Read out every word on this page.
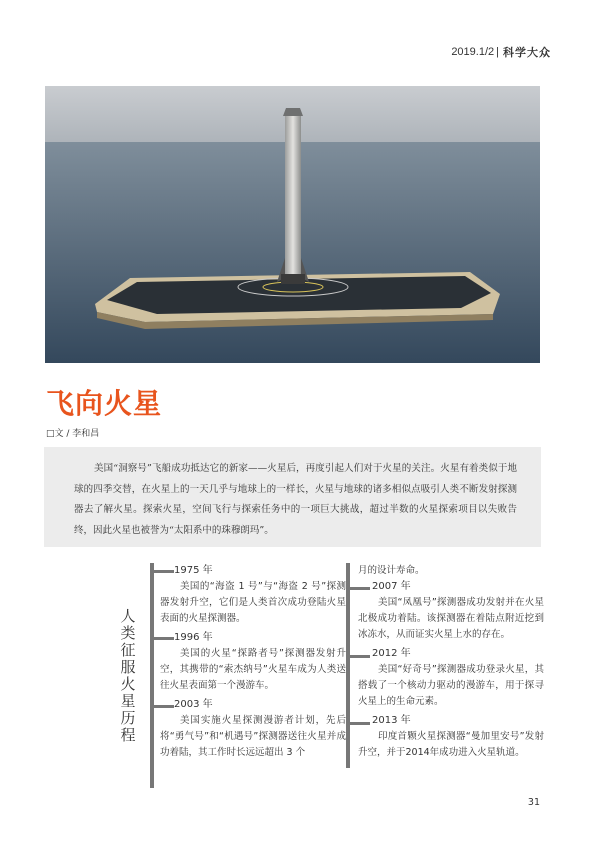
2019.1/2 | 科学大众
飞向火星
□文 / 李和昌
美国“洞察号”飞船成功抵达它的新家——火星后，再度引起人们对于火星的关注。火星有着类似于地球的四季交替，在火星上的一天几乎与地球上的一样长，火星与地球的诸多相似点吸引人类不断发射探测器去了解火星。探索火星，空间飞行与探索任务中的一项巨大挑战，超过半数的火星探索项目以失败告终，因此火星也被誉为“太阳系中的珠穆朗玛”。
人
类
征
服
火
星
历
程
1975 年
美国的“海盗 1 号”与“海盗 2 号”探测器发射升空，它们是人类首次成功登陆火星表面的火星探测器。
1996 年
美国的火星“探路者号”探测器发射升空，其携带的“索杰纳号”火星车成为人类送往火星表面第一个漫游车。
2003 年
美国实施火星探测漫游者计划，先后将“勇气号”和“机遇号”探测器送往火星并成功着陆，其工作时长远远超出 3 个
月的设计寿命。
2007 年
美国“凤凰号”探测器成功发射并在火星北极成功着陆。该探测器在着陆点附近挖到冰冻水，从而证实火星上水的存在。
2012 年
美国“好奇号”探测器成功登录火星，其搭载了一个核动力驱动的漫游车，用于探寻火星上的生命元素。
2013 年
印度首颗火星探测器“曼加里安号”发射升空，并于2014年成功进入火星轨道。
31
